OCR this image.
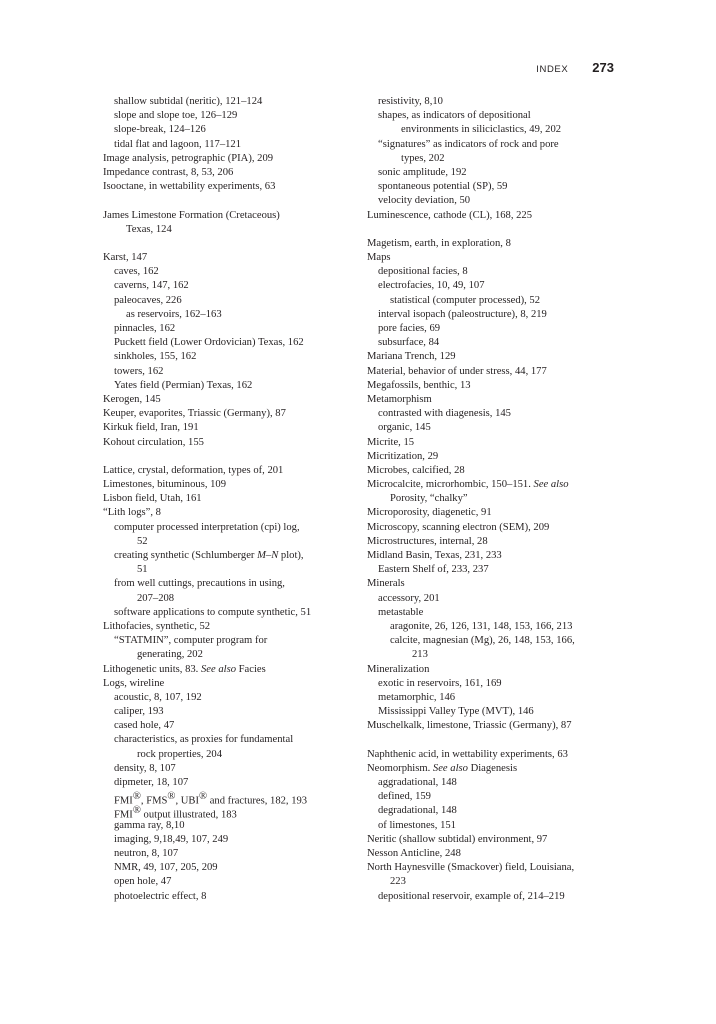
INDEX 273
shallow subtidal (neritic), 121–124
slope and slope toe, 126–129
slope-break, 124–126
tidal flat and lagoon, 117–121
Image analysis, petrographic (PIA), 209
Impedance contrast, 8, 53, 206
Isooctane, in wettability experiments, 63
James Limestone Formation (Cretaceous)
Texas, 124
Karst, 147
caves, 162
caverns, 147, 162
paleocaves, 226
as reservoirs, 162–163
pinnacles, 162
Puckett field (Lower Ordovician) Texas, 162
sinkholes, 155, 162
towers, 162
Yates field (Permian) Texas, 162
Kerogen, 145
Keuper, evaporites, Triassic (Germany), 87
Kirkuk field, Iran, 191
Kohout circulation, 155
Lattice, crystal, deformation, types of, 201
Limestones, bituminous, 109
Lisbon field, Utah, 161
“Lith logs”, 8
computer processed interpretation (cpi) log,
52
creating synthetic (Schlumberger M–N plot),
51
from well cuttings, precautions in using,
207–208
software applications to compute synthetic, 51
Lithofacies, synthetic, 52
“STATMIN”, computer program for
generating, 202
Lithogenetic units, 83. See also Facies
Logs, wireline
acoustic, 8, 107, 192
caliper, 193
cased hole, 47
characteristics, as proxies for fundamental
rock properties, 204
density, 8, 107
dipmeter, 18, 107
FMI®, FMS®, UBI® and fractures, 182, 193
FMI® output illustrated, 183
gamma ray, 8,10
imaging, 9,18,49, 107, 249
neutron, 8, 107
NMR, 49, 107, 205, 209
open hole, 47
photoelectric effect, 8
resistivity, 8,10
shapes, as indicators of depositional
environments in siliciclastics, 49, 202
“signatures” as indicators of rock and pore
types, 202
sonic amplitude, 192
spontaneous potential (SP), 59
velocity deviation, 50
Luminescence, cathode (CL), 168, 225
Magetism, earth, in exploration, 8
Maps
depositional facies, 8
electrofacies, 10, 49, 107
statistical (computer processed), 52
interval isopach (paleostructure), 8, 219
pore facies, 69
subsurface, 84
Mariana Trench, 129
Material, behavior of under stress, 44, 177
Megafossils, benthic, 13
Metamorphism
contrasted with diagenesis, 145
organic, 145
Micrite, 15
Micritization, 29
Microbes, calcified, 28
Microcalcite, microrhombic, 150–151. See also
Porosity, “chalky”
Microporosity, diagenetic, 91
Microscopy, scanning electron (SEM), 209
Microstructures, internal, 28
Midland Basin, Texas, 231, 233
Eastern Shelf of, 233, 237
Minerals
accessory, 201
metastable
aragonite, 26, 126, 131, 148, 153, 166, 213
calcite, magnesian (Mg), 26, 148, 153, 166,
213
Mineralization
exotic in reservoirs, 161, 169
metamorphic, 146
Mississippi Valley Type (MVT), 146
Muschelkalk, limestone, Triassic (Germany), 87
Naphthenic acid, in wettability experiments, 63
Neomorphism. See also Diagenesis
aggradational, 148
defined, 159
degradational, 148
of limestones, 151
Neritic (shallow subtidal) environment, 97
Nesson Anticline, 248
North Haynesville (Smackover) field, Louisiana,
223
depositional reservoir, example of, 214–219
